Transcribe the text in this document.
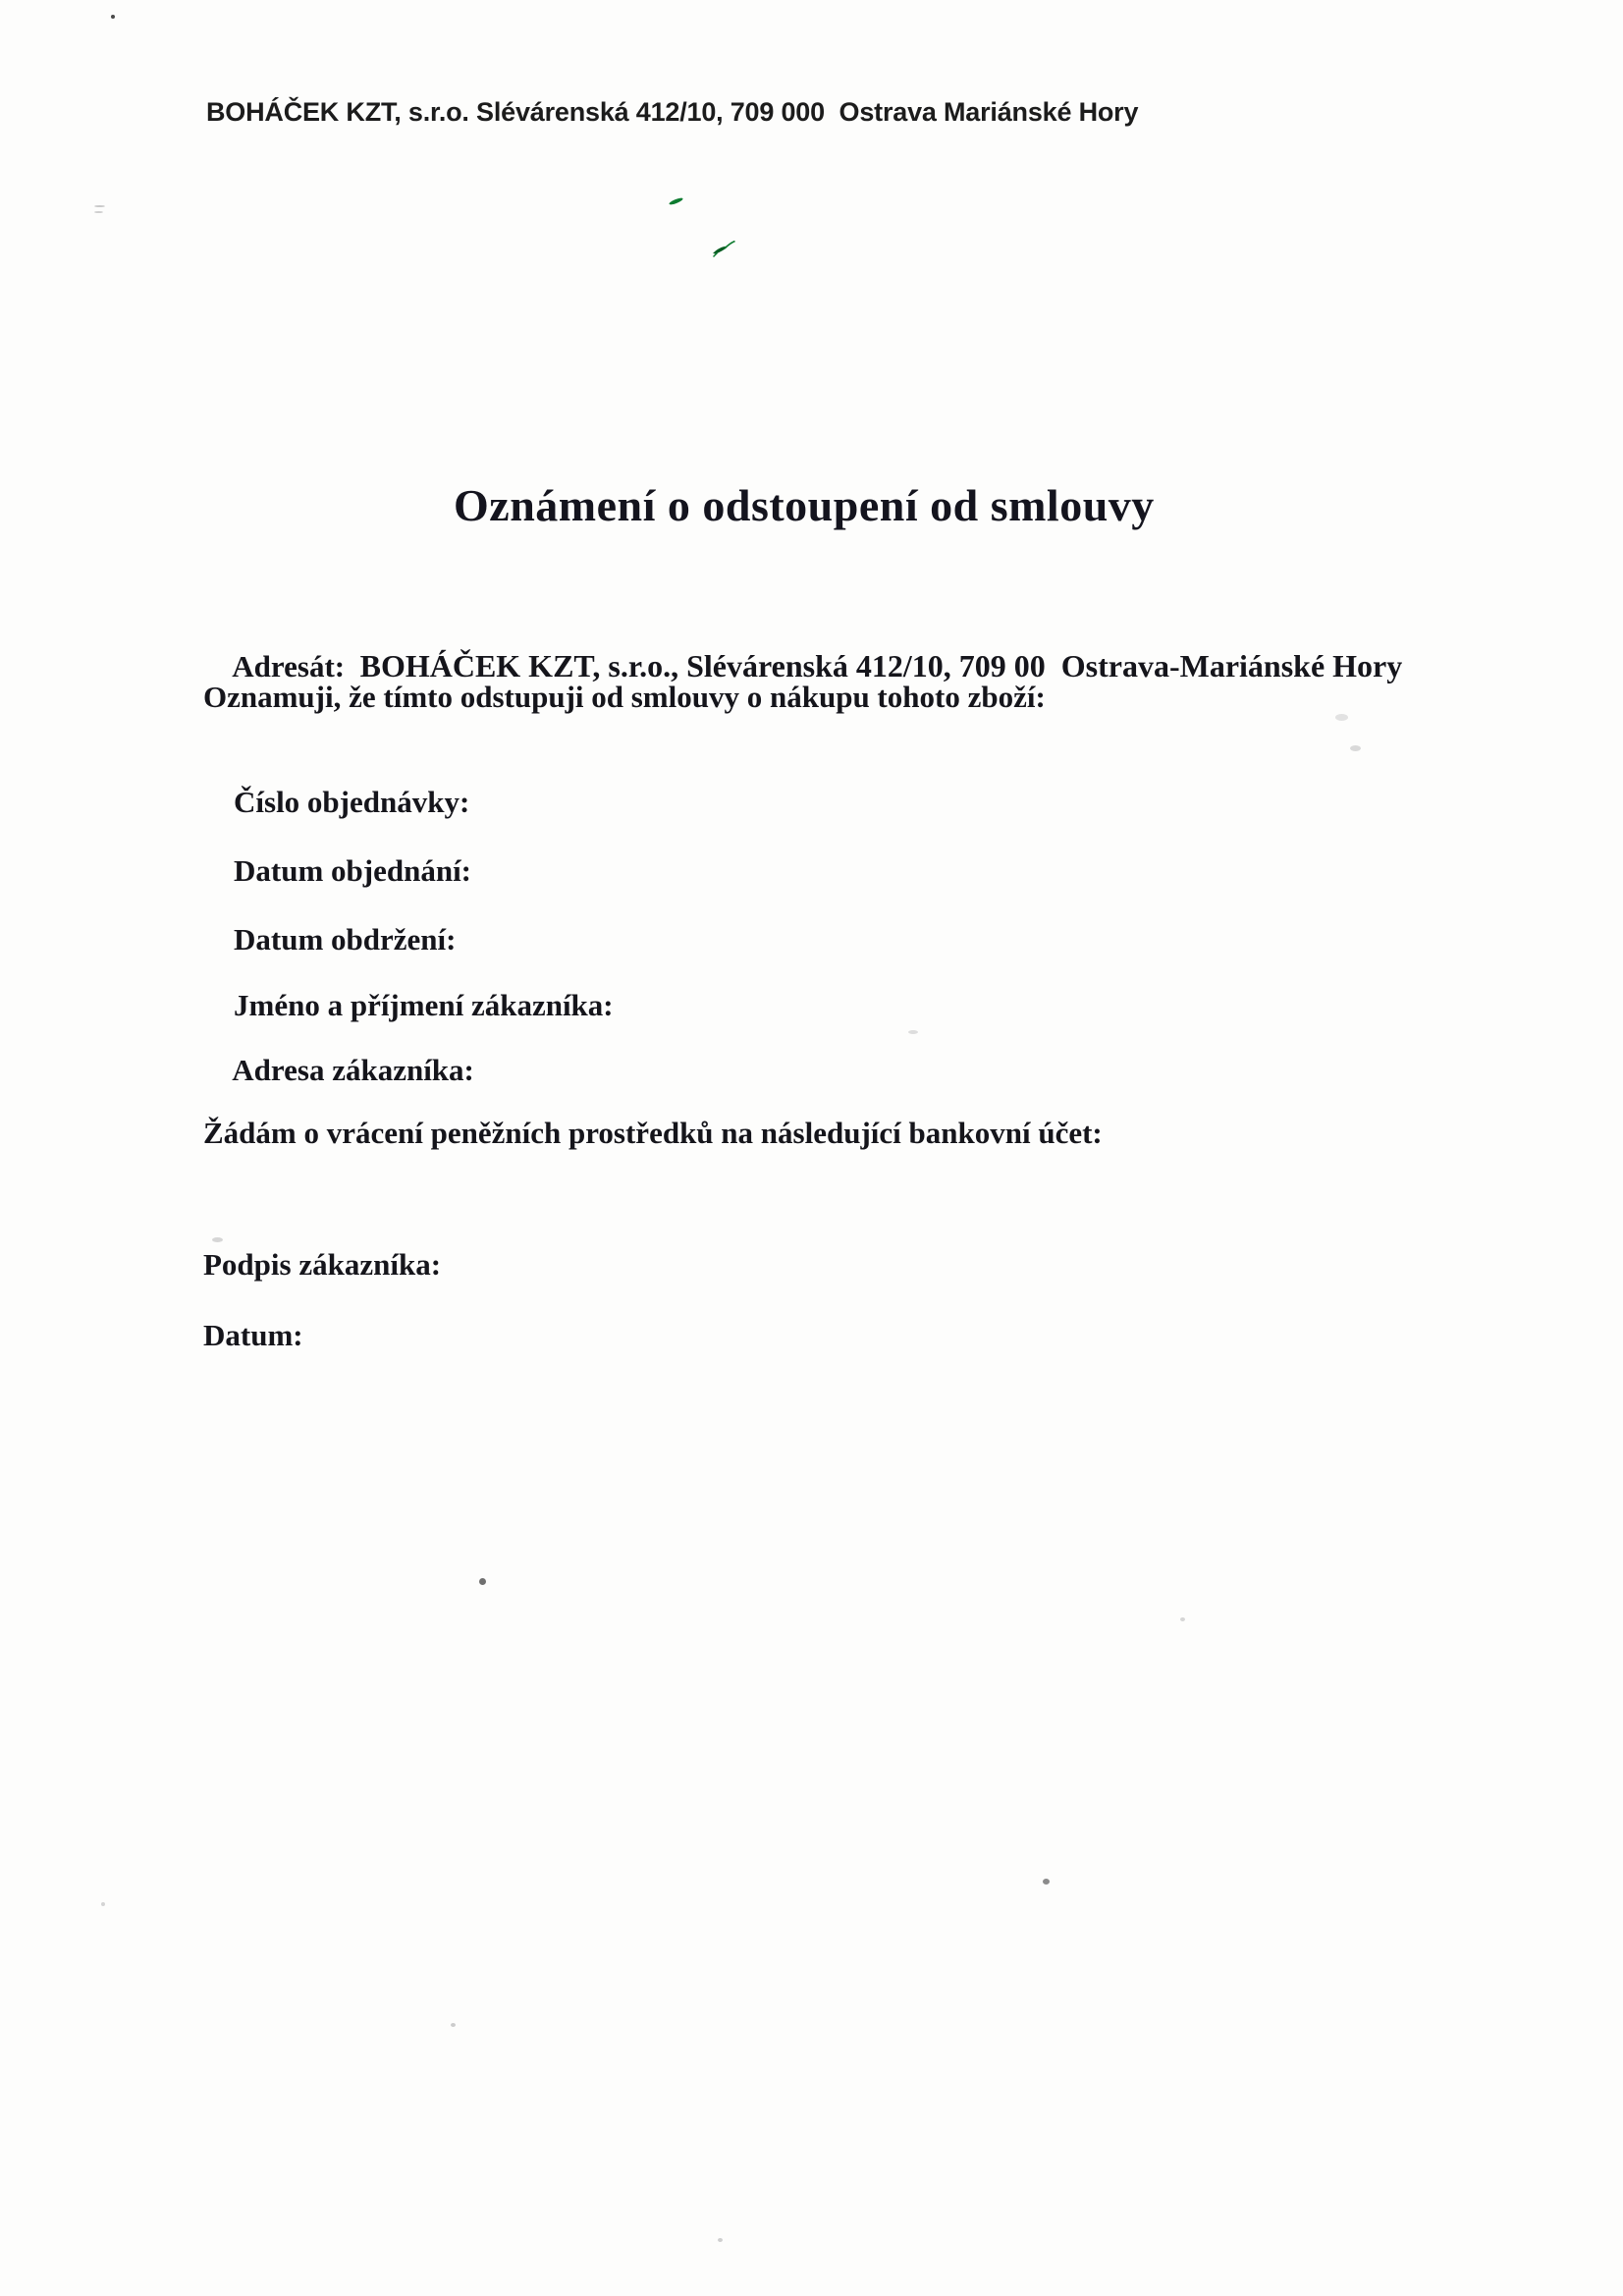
BOHÁČEK KZT, s.r.o. Slévárenská 412/10, 709 000  Ostrava Mariánské Hory
Oznámení o odstoupení od smlouvy

Adresát:  BOHÁČEK KZT, s.r.o., Slévárenská 412/10, 709 00  Ostrava-Mariánské Hory

Oznamuji, že tímto odstupuji od smlouvy o nákupu tohoto zboží:

Číslo objednávky:

Datum objednání:

Datum obdržení:

Jméno a příjmení zákazníka:

Adresa zákazníka:

Žádám o vrácení peněžních prostředků na následující bankovní účet:
Podpis zákazníka:
Datum:
